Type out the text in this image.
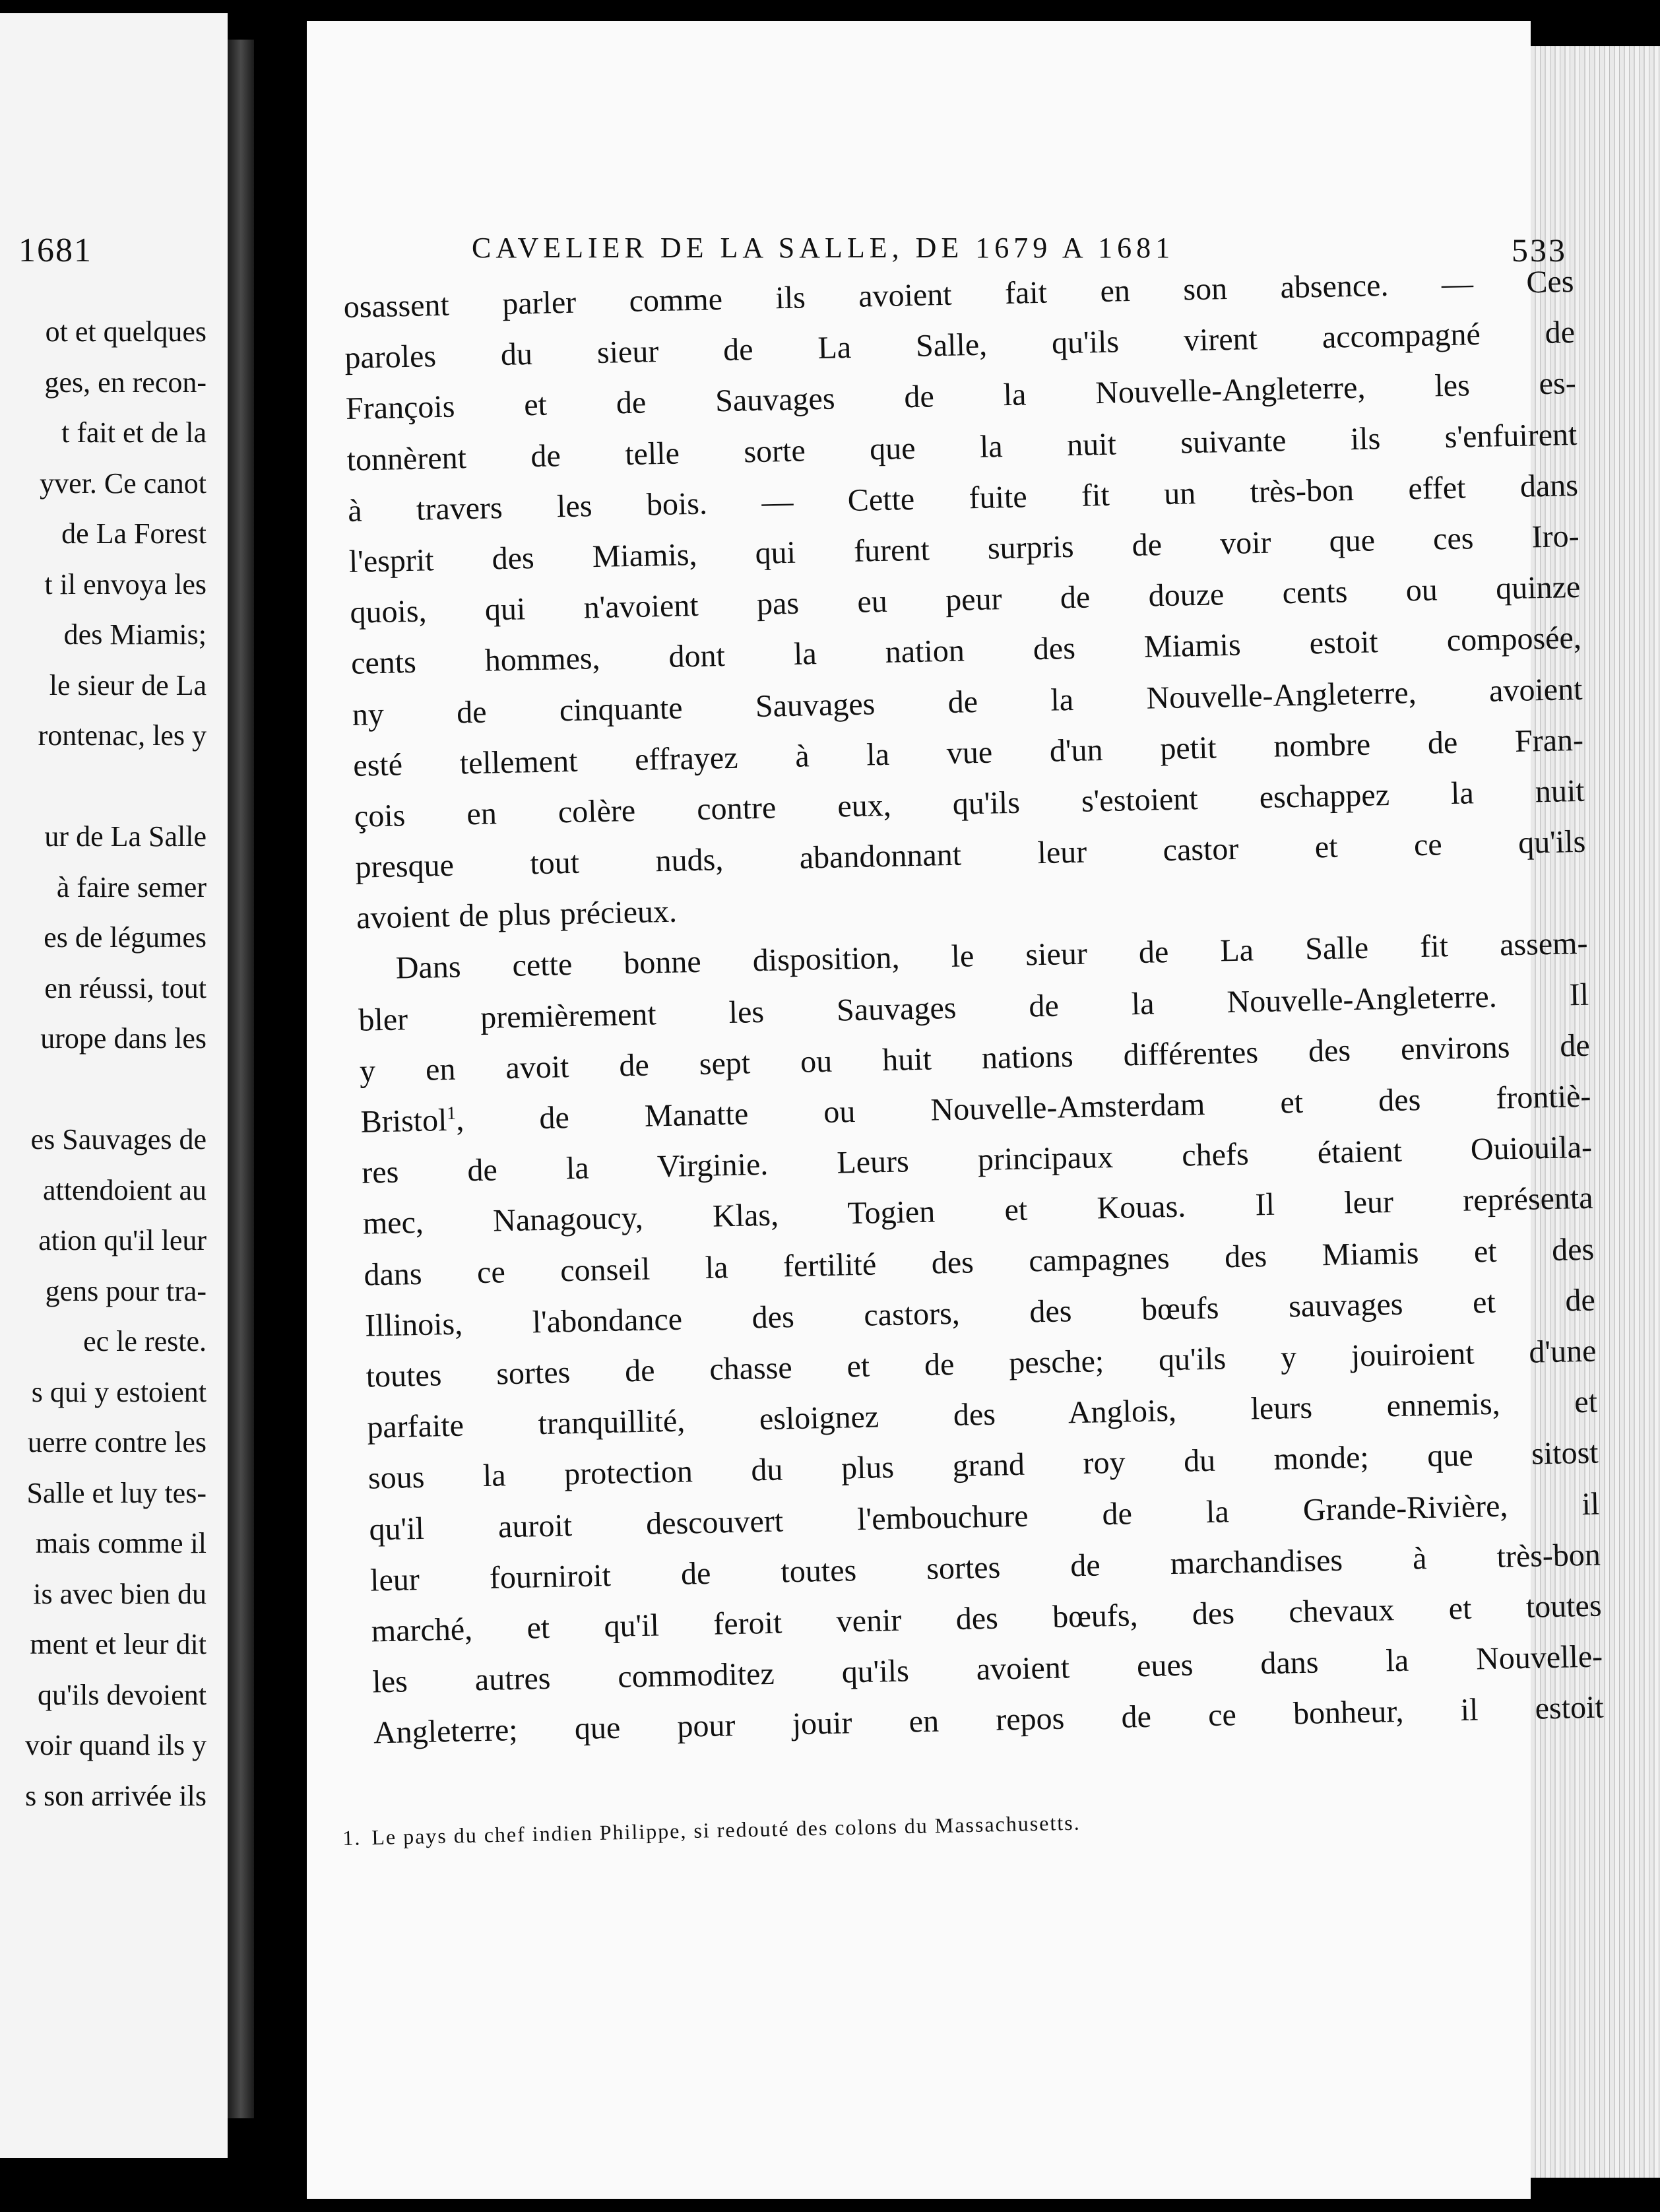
1681
ot et quelques
ges, en recon-
t fait et de la
yver. Ce canot
de La Forest
t il envoya les
des Miamis;
le sieur de La
rontenac, les y
ur de La Salle
à faire semer
es de légumes
en réussi, tout
urope dans les
es Sauvages de
attendoient au
ation qu'il leur
gens pour tra-
ec le reste.
s qui y estoient
uerre contre les
Salle et luy tes-
mais comme il
is avec bien du
ment et leur dit
qu'ils devoient
voir quand ils y
s son arrivée ils
CAVELIER DE LA SALLE, DE 1679 A 1681	533
osassent parler comme ils avoient fait en son absence. — Ces
paroles du sieur de La Salle, qu'ils virent accompagné de
François et de Sauvages de la Nouvelle-Angleterre, les es-
tonnèrent de telle sorte que la nuit suivante ils s'enfuirent
à travers les bois. — Cette fuite fit un très-bon effet dans
l'esprit des Miamis, qui furent surpris de voir que ces Iro-
quois, qui n'avoient pas eu peur de douze cents ou quinze
cents hommes, dont la nation des Miamis estoit composée,
ny de cinquante Sauvages de la Nouvelle-Angleterre, avoient
esté tellement effrayez à la vue d'un petit nombre de Fran-
çois en colère contre eux, qu'ils s'estoient eschappez la nuit
presque tout nuds, abandonnant leur castor et ce qu'ils
avoient de plus précieux.
Dans cette bonne disposition, le sieur de La Salle fit assem-
bler premièrement les Sauvages de la Nouvelle-Angleterre. Il
y en avoit de sept ou huit nations différentes des environs de
Bristol$^1$, de Manatte ou Nouvelle-Amsterdam et des frontiè-
res de la Virginie. Leurs principaux chefs étaient Ouiouila-
mec, Nanagoucy, Klas, Togien et Kouas. Il leur représenta
dans ce conseil la fertilité des campagnes des Miamis et des
Illinois, l'abondance des castors, des bœufs sauvages et de
toutes sortes de chasse et de pesche; qu'ils y jouiroient d'une
parfaite tranquillité, esloignez des Anglois, leurs ennemis, et
sous la protection du plus grand roy du monde; que sitost
qu'il auroit descouvert l'embouchure de la Grande-Rivière, il
leur fourniroit de toutes sortes de marchandises à très-bon
marché, et qu'il feroit venir des bœufs, des chevaux et toutes
les autres commoditez qu'ils avoient eues dans la Nouvelle-
Angleterre; que pour jouir en repos de ce bonheur, il estoit
1. Le pays du chef indien Philippe, si redouté des colons du Massachusetts.
